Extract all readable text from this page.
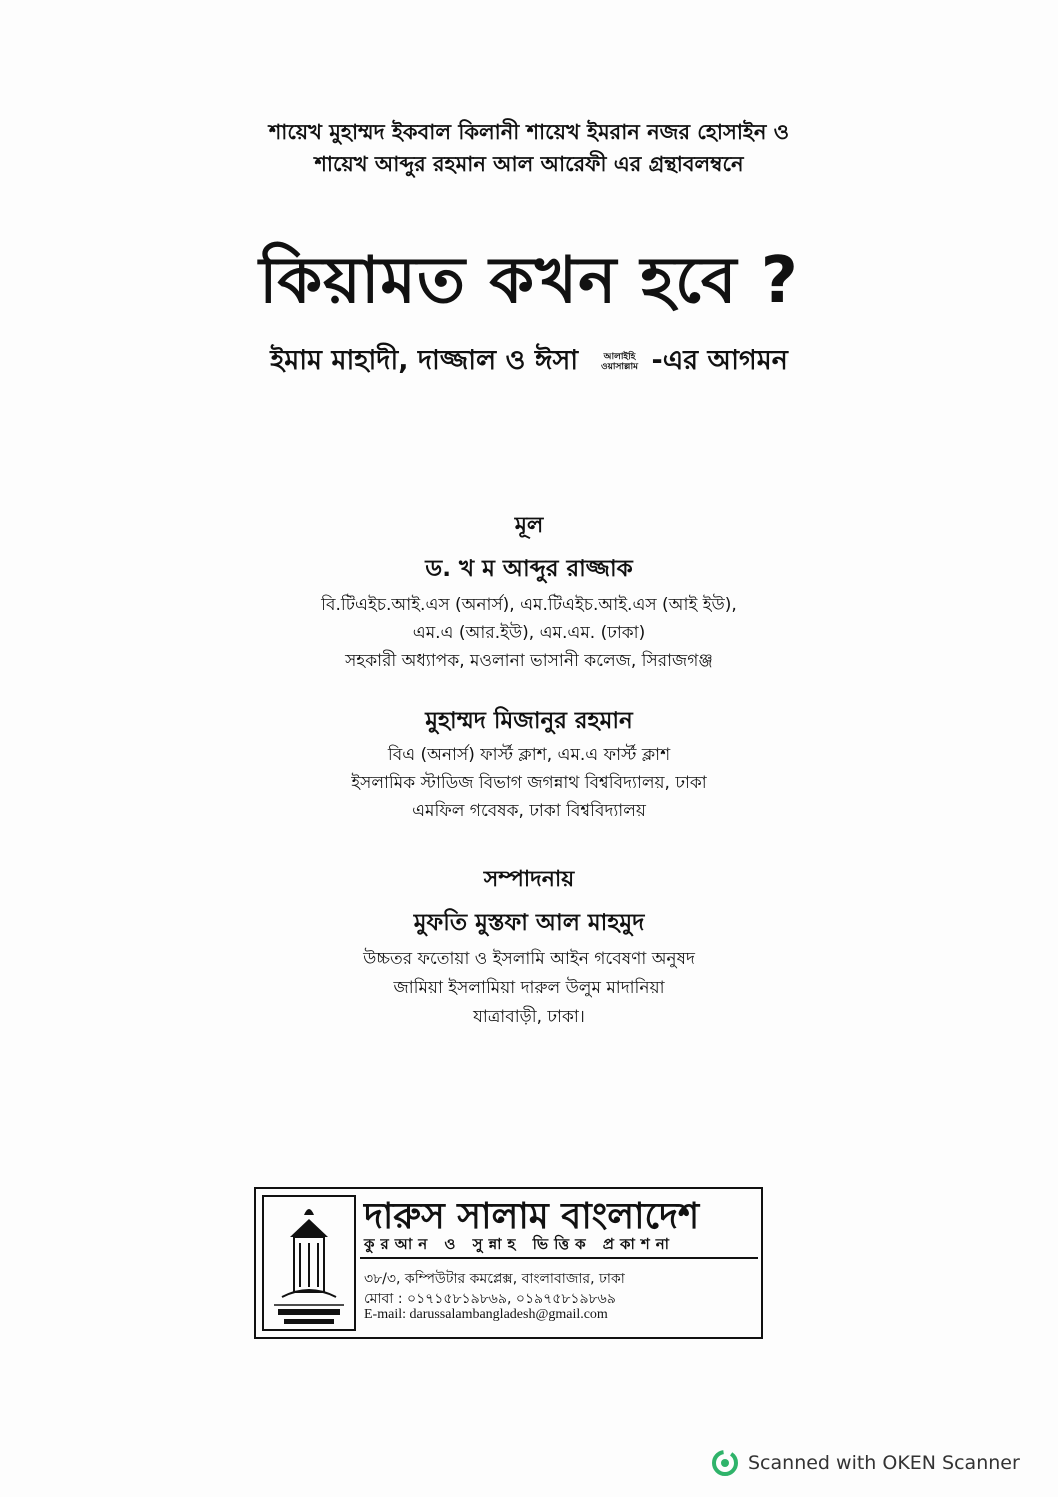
শায়েখ মুহাম্মদ ইকবাল কিলানী শায়েখ ইমরান নজর হোসাইন ও
শায়েখ আব্দুর রহমান আল আরেফী এর গ্রন্থাবলম্বনে
কিয়ামত কখন হবে ?
ইমাম মাহাদী, দাজ্জাল ও ঈসা	আলাইহি
ওয়াসাল্লাম -এর আগমন
মূল
ড. খ ম আব্দুর রাজ্জাক
বি.টিএইচ.আই.এস (অনার্স), এম.টিএইচ.আই.এস (আই ইউ),
এম.এ (আর.ইউ), এম.এম. (ঢাকা)
সহকারী অধ্যাপক, মওলানা ভাসানী কলেজ, সিরাজগঞ্জ
মুহাম্মদ মিজানুর রহমান
বিএ (অনার্স) ফার্স্ট ক্লাশ, এম.এ ফার্স্ট ক্লাশ
ইসলামিক স্টাডিজ বিভাগ জগন্নাথ বিশ্ববিদ্যালয়, ঢাকা
এমফিল গবেষক, ঢাকা বিশ্ববিদ্যালয়
সম্পাদনায়
মুফতি মুস্তফা আল মাহমুদ
উচ্চতর ফতোয়া ও ইসলামি আইন গবেষণা অনুষদ
জামিয়া ইসলামিয়া দারুল উলুম মাদানিয়া
যাত্রাবাড়ী, ঢাকা।
দারুস সালাম বাংলাদেশ
কুরআন ও সুন্নাহ ভিত্তিক প্রকাশনা
৩৮/৩, কম্পিউটার কমপ্লেক্স, বাংলাবাজার, ঢাকা
মোবা : ০১৭১৫৮১৯৮৬৯, ০১৯৭৫৮১৯৮৬৯
E-mail: darussalambangladesh@gmail.com
Scanned with OKEN Scanner
